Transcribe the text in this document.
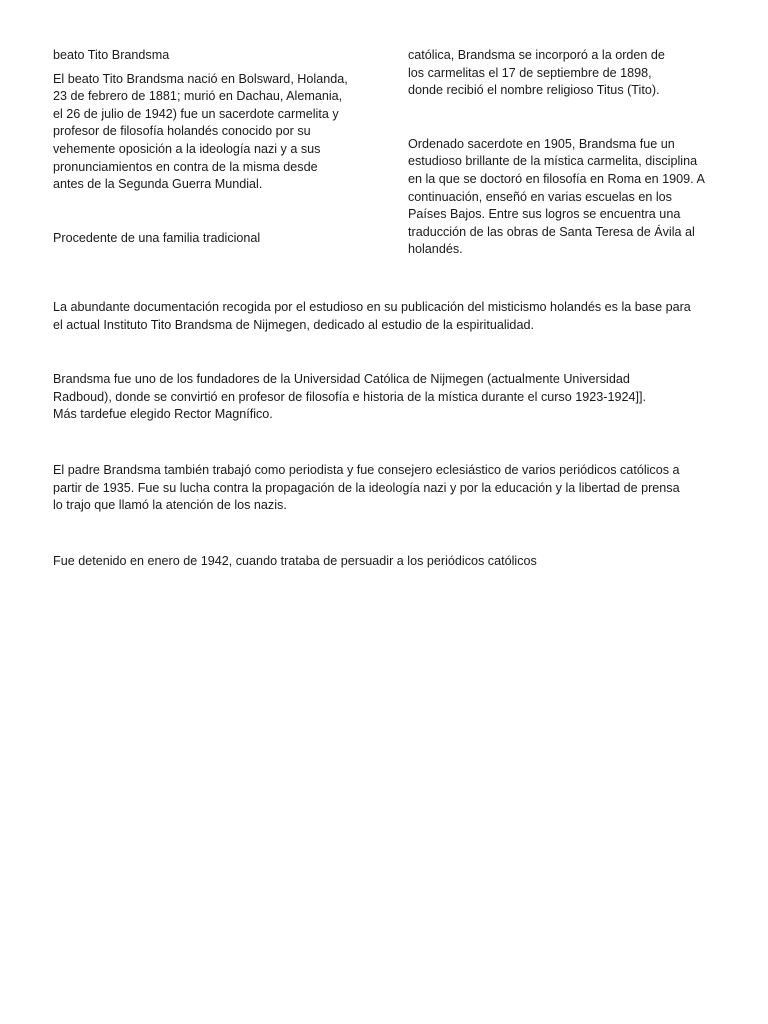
beato Tito Brandsma
El beato Tito Brandsma nació en Bolsward, Holanda,
23 de febrero de 1881; murió en Dachau, Alemania,
el 26 de julio de 1942) fue un sacerdote carmelita y
profesor de filosofía holandés conocido por su
vehemente oposición a la ideología nazi y a sus
pronunciamientos en contra de la misma desde
antes de la Segunda Guerra Mundial.
Procedente de una familia tradicional
católica, Brandsma se incorporó a la orden de
los carmelitas el 17 de septiembre de 1898,
donde recibió el nombre religioso Titus (Tito).
Ordenado sacerdote en 1905, Brandsma fue un
estudioso brillante de la mística carmelita, disciplina
en la que se doctoró en filosofía en Roma en 1909. A
continuación, enseñó en varias escuelas en los
Países Bajos. Entre sus logros se encuentra una
traducción de las obras de Santa Teresa de Ávila al
holandés.
La abundante documentación recogida por el estudioso en su publicación del misticismo holandés es la base para
el actual Instituto Tito Brandsma de Nijmegen, dedicado al estudio de la espiritualidad.
Brandsma fue uno de los fundadores de la Universidad Católica de Nijmegen (actualmente Universidad
Radboud), donde se convirtió en profesor de filosofía e historia de la mística durante el curso 1923-1924]].
Más tardefue elegido Rector Magnífico.
El padre Brandsma también trabajó como periodista y fue consejero eclesiástico de varios periódicos católicos a
partir de 1935. Fue su lucha contra la propagación de la ideología nazi y por la educación y la libertad de prensa
lo trajo que llamó la atención de los nazis.
Fue detenido en enero de 1942, cuando trataba de persuadir a los periódicos católicos
